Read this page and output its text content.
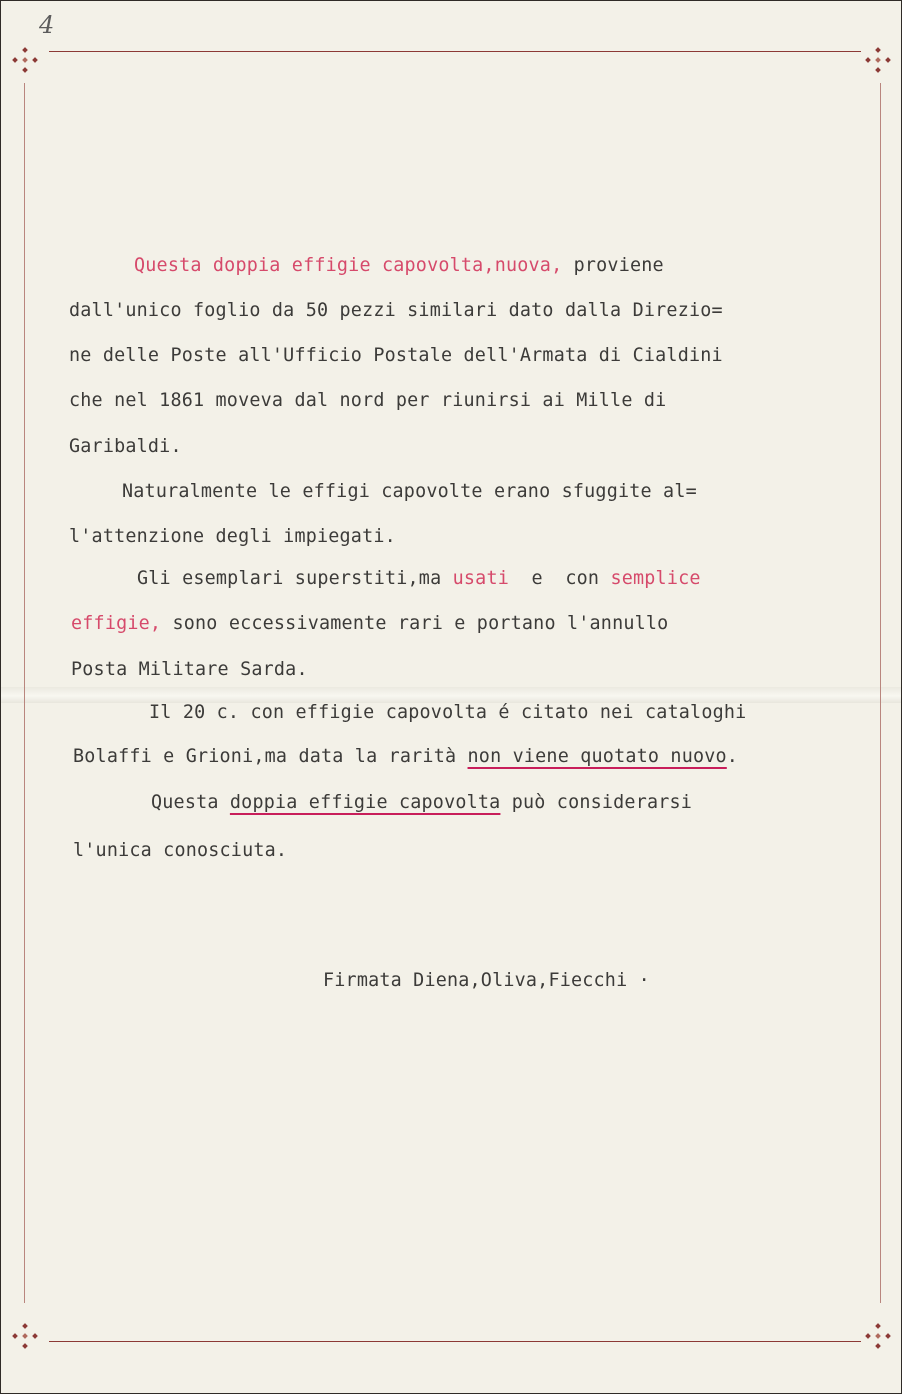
4
Questa doppia effigie capovolta,nuova, proviene
dall'unico foglio da 50 pezzi similari dato dalla Direzio=
ne delle Poste all'Ufficio Postale dell'Armata di Cialdini
che nel 1861 moveva dal nord per riunirsi ai Mille di
Garibaldi.
Naturalmente le effigi capovolte erano sfuggite al=
l'attenzione degli impiegati.
Gli esemplari superstiti,ma usati  e  con semplice
effigie, sono eccessivamente rari e portano l'annullo
Posta Militare Sarda.
Il 20 c. con effigie capovolta é citato nei cataloghi
Bolaffi e Grioni,ma data la rarità non viene quotato nuovo.
Questa doppia effigie capovolta può considerarsi
l'unica conosciuta.
Firmata Diena,Oliva,Fiecchi ·
